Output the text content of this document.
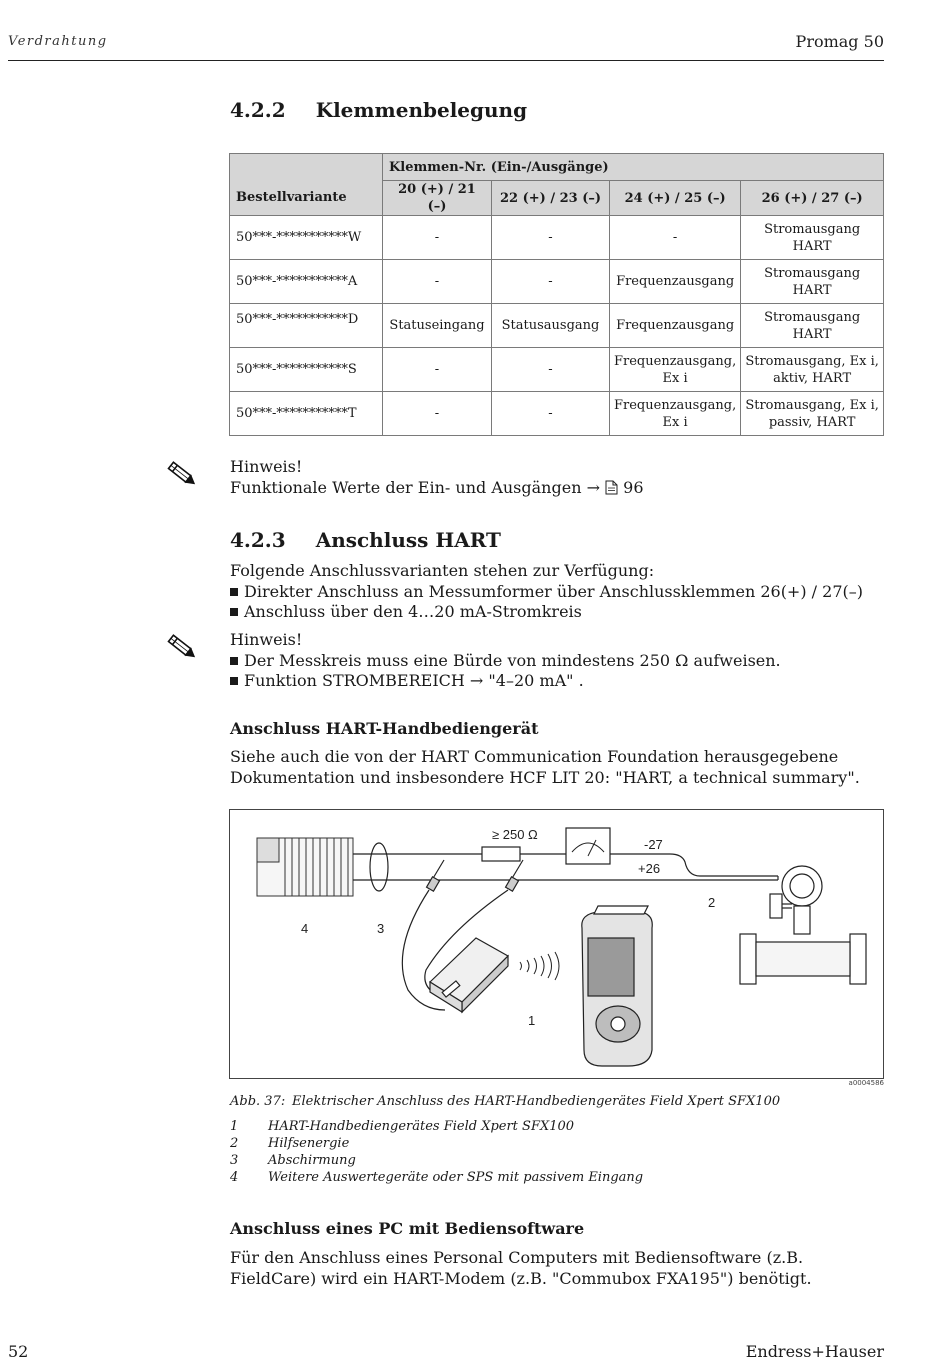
Verdrahtung	Promag 50
4.2.2 Klemmenbelegung
	Klemmen-Nr. (Ein-/Ausgänge)			
Bestellvariante	20 (+) / 21 (–)	22 (+) / 23 (–)	24 (+) / 25 (–)	26 (+) / 27 (–)
50***-***********W	-	-	-	Stromausgang HART
50***-***********A	-	-	Frequenzausgang	Stromausgang HART
50***-***********D	Statuseingang	Statusausgang	Frequenzausgang	Stromausgang HART
50***-***********S	-	-	Frequenzausgang, Ex i	Stromausgang, Ex i, aktiv, HART
50***-***********T	-	-	Frequenzausgang, Ex i	Stromausgang, Ex i, passiv, HART
Hinweis!
Funktionale Werte der Ein- und Ausgängen →  96
4.2.3 Anschluss HART
Folgende Anschlussvarianten stehen zur Verfügung:
Direkter Anschluss an Messumformer über Anschlussklemmen 26(+) / 27(–)
Anschluss über den 4…20 mA-Stromkreis
Hinweis!
Der Messkreis muss eine Bürde von mindestens 250 Ω aufweisen.
Funktion STROMBEREICH → "4–20 mA" .
Anschluss HART-Handbediengerät
Siehe auch die von der HART Communication Foundation herausgegebene Dokumentation und insbesondere HCF LIT 20: "HART, a technical summary".
≥ 250 Ω
-27
+26
3
4
1
2
a0004586
Abb. 37: Elektrischer Anschluss des HART-Handbediengerätes Field Xpert SFX100
1 HART-Handbediengerätes Field Xpert SFX100
2 Hilfsenergie
3 Abschirmung
4 Weitere Auswertegeräte oder SPS mit passivem Eingang
Anschluss eines PC mit Bediensoftware
Für den Anschluss eines Personal Computers mit Bediensoftware (z.B. FieldCare) wird ein HART-Modem (z.B. "Commubox FXA195") benötigt.
52	Endress+Hauser
